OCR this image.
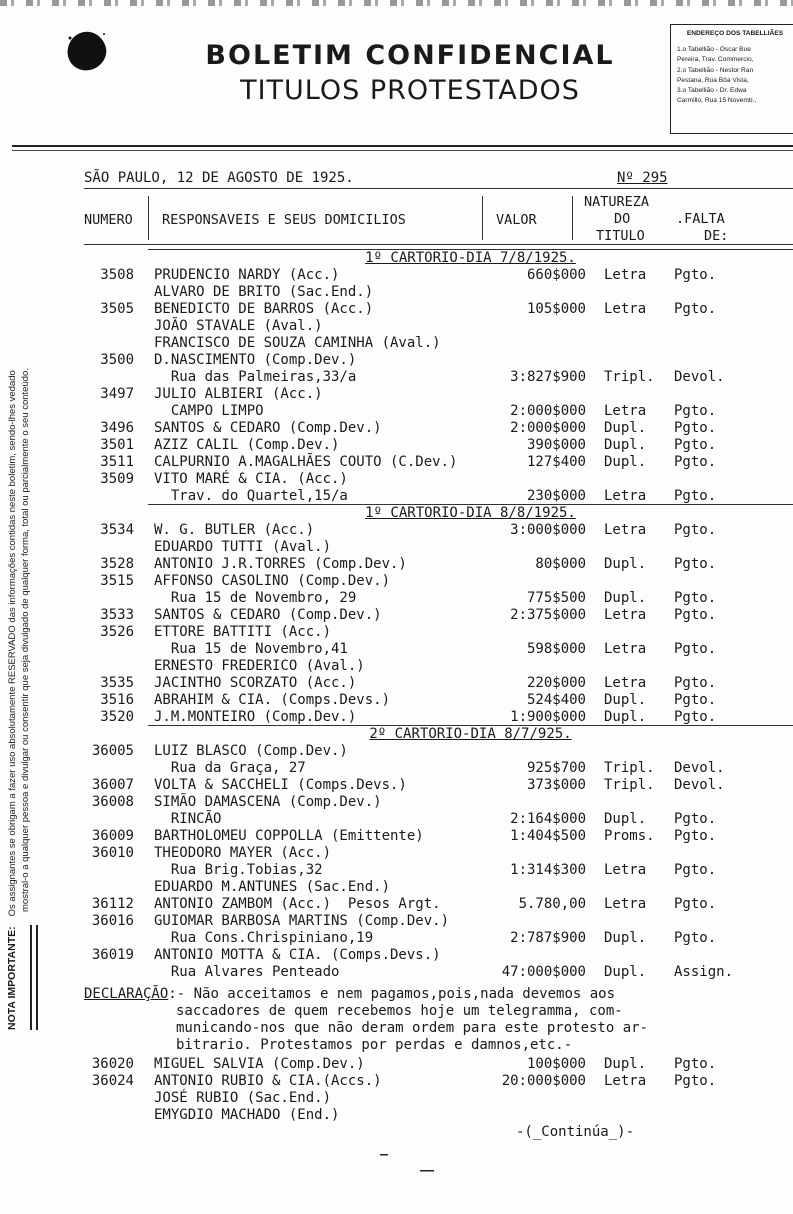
BOLETIM CONFIDENCIAL
TITULOS PROTESTADOS
ENDEREÇO DOS TABELLIÃES
1.o Tabellião - Oscar Bue
Pereira, Trav. Commercio,
2.o Tabellião - Nestor Ran
Pestana, Rua Bôa Vista,
3.o Tabellião - Dr. Edwa
Carmillo, Rua 15 Novemb.,
NOTA IMPORTANTE:Os assignantes se obrigam a fazer uso absolutamente RESERVADO das informações contidas neste boletim, sendo-lhes vedado mostral-o a qualquer pessoa e divulgar ou consentir que seja divulgado de qualquer forma, total ou parcialmente o seu conteúdo.
SÃO PAULO, 12 DE AGOSTO DE 1925.	Nº 295
NUMERO RESPONSAVEIS E SEUS DOMICILIOS	VALOR
NATUREZA
DO
TITULO
.FALTA
DE:
1º CARTORIO-DIA 7/8/1925.
3508 PRUDENCIO NARDY (Acc.)	660$000 Letra Pgto.
ALVARO DE BRITO (Sac.End.)
3505 BENEDICTO DE BARROS (Acc.)	105$000 Letra Pgto.
JOÃO STAVALE (Aval.)
FRANCISCO DE SOUZA CAMINHA (Aval.)
3500 D.NASCIMENTO (Comp.Dev.)
Rua das Palmeiras,33/a	3:827$900 Tripl. Devol.
3497 JULIO ALBIERI (Acc.)
CAMPO LIMPO	2:000$000 Letra Pgto.
3496 SANTOS & CEDARO (Comp.Dev.)	2:000$000 Dupl. Pgto.
3501 AZIZ CALIL (Comp.Dev.)	390$000 Dupl. Pgto.
3511 CALPURNIO A.MAGALHÃES COUTO (C.Dev.)	127$400 Dupl. Pgto.
3509 VITO MARÉ & CIA. (Acc.)
Trav. do Quartel,15/a	230$000 Letra Pgto.
1º CARTORIO-DIA 8/8/1925.
3534 W. G. BUTLER (Acc.)	3:000$000 Letra Pgto.
EDUARDO TUTTI (Aval.)
3528 ANTONIO J.R.TORRES (Comp.Dev.)	80$000 Dupl. Pgto.
3515 AFFONSO CASOLINO (Comp.Dev.)
Rua 15 de Novembro, 29	775$500 Dupl. Pgto.
3533 SANTOS & CEDARO (Comp.Dev.)	2:375$000 Letra Pgto.
3526 ETTORE BATTITI (Acc.)
Rua 15 de Novembro,41	598$000 Letra Pgto.
ERNESTO FREDERICO (Aval.)
3535 JACINTHO SCORZATO (Acc.)	220$000 Letra Pgto.
3516 ABRAHIM & CIA. (Comps.Devs.)	524$400 Dupl. Pgto.
3520 J.M.MONTEIRO (Comp.Dev.)	1:900$000 Dupl. Pgto.
2º CARTORIO-DIA 8/7/925.
36005 LUIZ BLASCO (Comp.Dev.)
Rua da Graça, 27	925$700 Tripl. Devol.
36007 VOLTA & SACCHELI (Comps.Devs.)	373$000 Tripl. Devol.
36008 SIMÃO DAMASCENA (Comp.Dev.)
RINCÃO	2:164$000 Dupl. Pgto.
36009 BARTHOLOMEU COPPOLLA (Emittente)	1:404$500 Proms. Pgto.
36010 THEODORO MAYER (Acc.)
Rua Brig.Tobias,32	1:314$300 Letra Pgto.
EDUARDO M.ANTUNES (Sac.End.)
36112 ANTONIO ZAMBOM (Acc.)  Pesos Argt.	5.780,00 Letra Pgto.
36016 GUIOMAR BARBOSA MARTINS (Comp.Dev.)
Rua Cons.Chrispiniano,19	2:787$900 Dupl. Pgto.
36019 ANTONIO MOTTA & CIA. (Comps.Devs.)
Rua Alvares Penteado	47:000$000 Dupl. Assign.
DECLARAÇÃO:- Não acceitamos e nem pagamos,pois,nada devemos aos
saccadores de quem recebemos hoje um telegramma, com-
municando-nos que não deram ordem para este protesto ar-
bitrario. Protestamos por perdas e damnos,etc.-
36020 MIGUEL SALVIA (Comp.Dev.)	100$000 Dupl. Pgto.
36024 ANTONIO RUBIO & CIA.(Accs.)	20:000$000 Letra Pgto.
JOSÉ RUBIO (Sac.End.)
EMYGDIO MACHADO (End.)
-(_Continúa_)-
